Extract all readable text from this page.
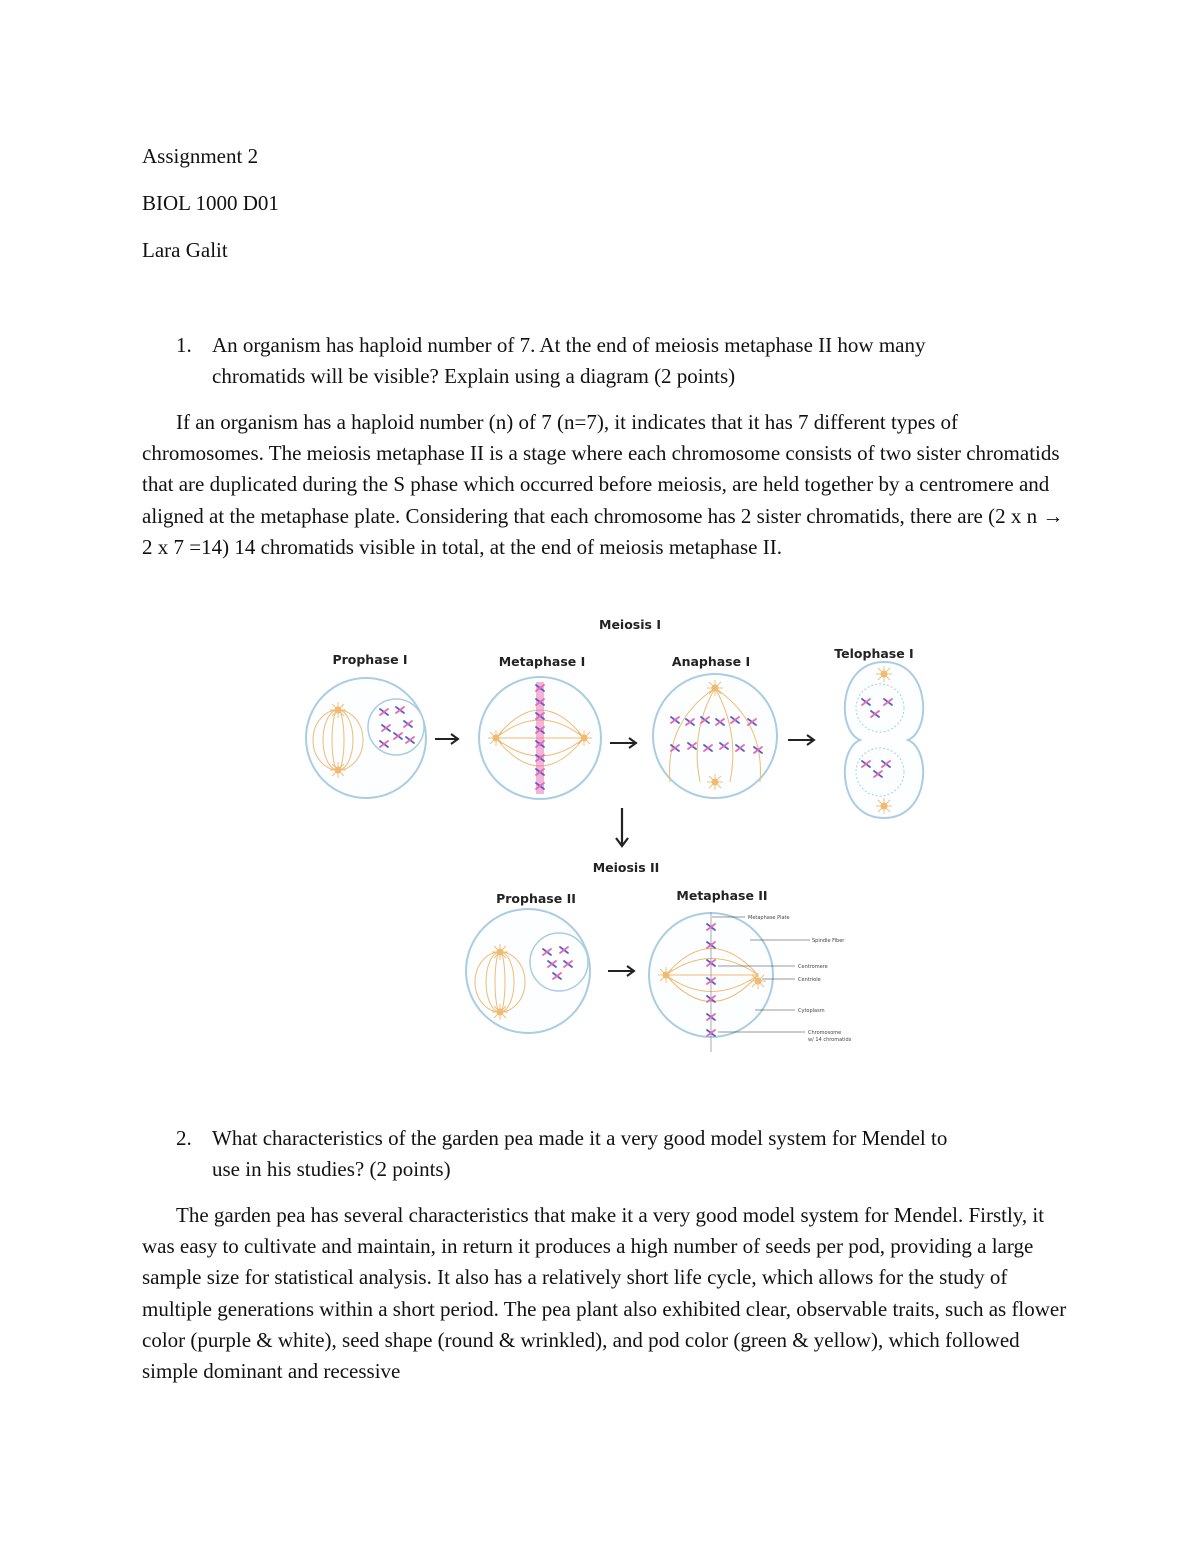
Assignment 2
BIOL 1000 D01
Lara Galit
1. An organism has haploid number of 7. At the end of meiosis metaphase II how many
chromatids will be visible? Explain using a diagram (2 points)
If an organism has a haploid number (n) of 7 (n=7), it indicates that it has 7 different types of chromosomes. The meiosis metaphase II is a stage where each chromosome consists of two sister chromatids that are duplicated during the S phase which occurred before meiosis, are held together by a centromere and aligned at the metaphase plate. Considering that each chromosome has 2 sister chromatids, there are (2 x n → 2 x 7 =14) 14 chromatids visible in total, at the end of meiosis metaphase II.
Meiosis I
Meiosis II
Prophase I	Metaphase I	Anaphase I
Telophase I
Prophase II	Metaphase II
Metaphase Plate
Spindle Fiber
Centromere
Centriole
Cytoplasm
Chromosome
w/ 14 chromatids
2. What characteristics of the garden pea made it a very good model system for Mendel to
use in his studies? (2 points)
The garden pea has several characteristics that make it a very good model system for Mendel. Firstly, it was easy to cultivate and maintain, in return it produces a high number of seeds per pod, providing a large sample size for statistical analysis. It also has a relatively short life cycle, which allows for the study of multiple generations within a short period. The pea plant also exhibited clear, observable traits, such as flower color (purple & white), seed shape (round & wrinkled), and pod color (green & yellow), which followed simple dominant and recessive
